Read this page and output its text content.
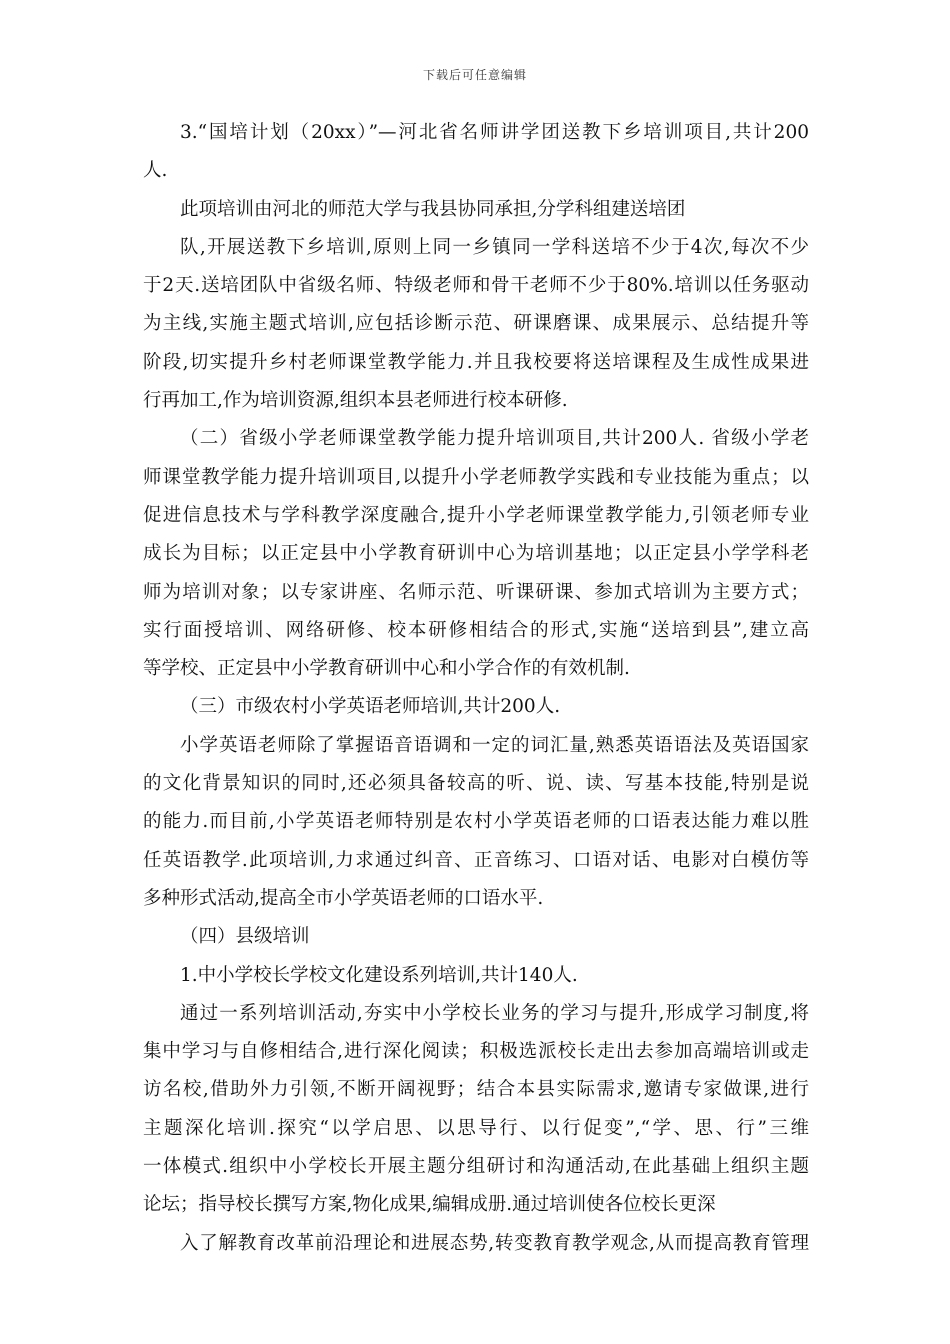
下载后可任意编辑
3.“国培计划（20xx）”—河北省名师讲学团送教下乡培训项目,共计200
人.
此项培训由河北的师范大学与我县协同承担,分学科组建送培团
队,开展送教下乡培训,原则上同一乡镇同一学科送培不少于4次,每次不少
于2天.送培团队中省级名师、特级老师和骨干老师不少于80%.培训以任务驱动
为主线,实施主题式培训,应包括诊断示范、研课磨课、成果展示、总结提升等
阶段,切实提升乡村老师课堂教学能力.并且我校要将送培课程及生成性成果进
行再加工,作为培训资源,组织本县老师进行校本研修.
（二）省级小学老师课堂教学能力提升培训项目,共计200人. 省级小学老
师课堂教学能力提升培训项目,以提升小学老师教学实践和专业技能为重点；以
促进信息技术与学科教学深度融合,提升小学老师课堂教学能力,引领老师专业
成长为目标；以正定县中小学教育研训中心为培训基地；以正定县小学学科老
师为培训对象；以专家讲座、名师示范、听课研课、参加式培训为主要方式；
实行面授培训、网络研修、校本研修相结合的形式,实施“送培到县”,建立高
等学校、正定县中小学教育研训中心和小学合作的有效机制.
（三）市级农村小学英语老师培训,共计200人.
小学英语老师除了掌握语音语调和一定的词汇量,熟悉英语语法及英语国家
的文化背景知识的同时,还必须具备较高的听、说、读、写基本技能,特别是说
的能力.而目前,小学英语老师特别是农村小学英语老师的口语表达能力难以胜
任英语教学.此项培训,力求通过纠音、正音练习、口语对话、电影对白模仿等
多种形式活动,提高全市小学英语老师的口语水平.
（四）县级培训
1.中小学校长学校文化建设系列培训,共计140人.
通过一系列培训活动,夯实中小学校长业务的学习与提升,形成学习制度,将
集中学习与自修相结合,进行深化阅读；积极选派校长走出去参加高端培训或走
访名校,借助外力引领,不断开阔视野；结合本县实际需求,邀请专家做课,进行
主题深化培训.探究“以学启思、以思导行、以行促变”,“学、思、行”三维
一体模式.组织中小学校长开展主题分组研讨和沟通活动,在此基础上组织主题
论坛；指导校长撰写方案,物化成果,编辑成册.通过培训使各位校长更深
入了解教育改革前沿理论和进展态势,转变教育教学观念,从而提高教育管理
